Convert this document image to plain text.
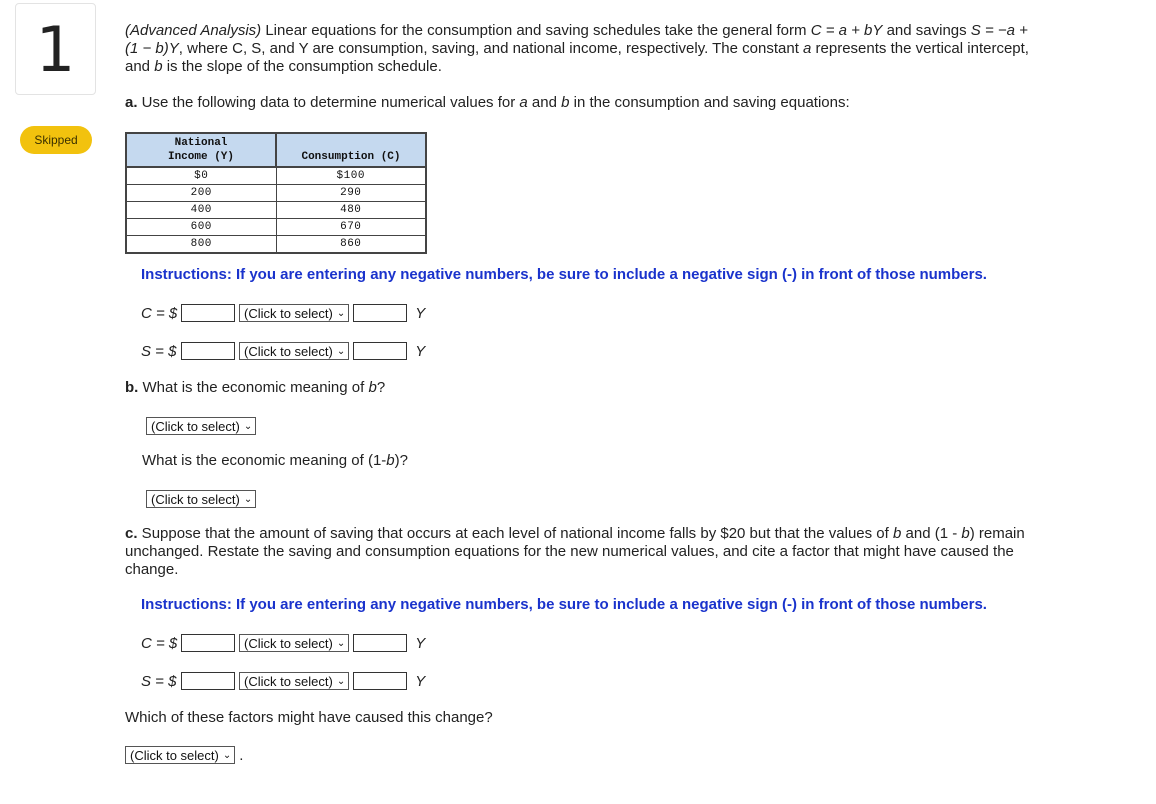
1
Skipped
(Advanced Analysis) Linear equations for the consumption and saving schedules take the general form C = a + bY and savings S = −a +
(1 − b)Y, where C, S, and Y are consumption, saving, and national income, respectively. The constant a represents the vertical intercept,
and b is the slope of the consumption schedule.
a. Use the following data to determine numerical values for a and b in the consumption and saving equations:
National
Income (Y)	Consumption (C)

$0	$100
200	290
400	480
600	670
800	860
Instructions: If you are entering any negative numbers, be sure to include a negative sign (-) in front of those numbers.
C = $	(Click to select) ⌄	Y
S = $	(Click to select) ⌄	Y
b. What is the economic meaning of b?
(Click to select) ⌄
What is the economic meaning of (1-b)?
(Click to select) ⌄
c. Suppose that the amount of saving that occurs at each level of national income falls by $20 but that the values of b and (1 - b) remain
unchanged. Restate the saving and consumption equations for the new numerical values, and cite a factor that might have caused the
change.
Instructions: If you are entering any negative numbers, be sure to include a negative sign (-) in front of those numbers.
C = $	(Click to select) ⌄	Y
S = $	(Click to select) ⌄	Y
Which of these factors might have caused this change?
(Click to select) ⌄ .
